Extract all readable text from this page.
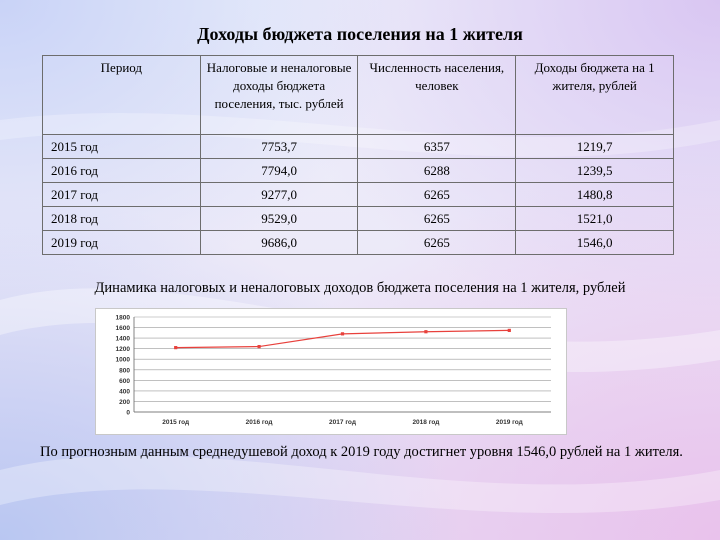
Доходы бюджета поселения на 1 жителя
Период	Налоговые и неналоговые доходы бюджета поселения, тыс. рублей	Численность населения, человек	Доходы бюджета на 1 жителя, рублей
2015 год	7753,7	6357	1219,7
2016 год	7794,0	6288	1239,5
2017 год	9277,0	6265	1480,8
2018 год	9529,0	6265	1521,0
2019 год	9686,0	6265	1546,0
Динамика налоговых и неналоговых доходов бюджета поселения на 1 жителя, рублей
0
200
400
600
800
1000
1200
1400
1600
1800
2015 год	2016 год	2017 год	2018 год	2019 год
По прогнозным данным среднедушевой доход к 2019 году достигнет уровня 1546,0 рублей на 1 жителя.
